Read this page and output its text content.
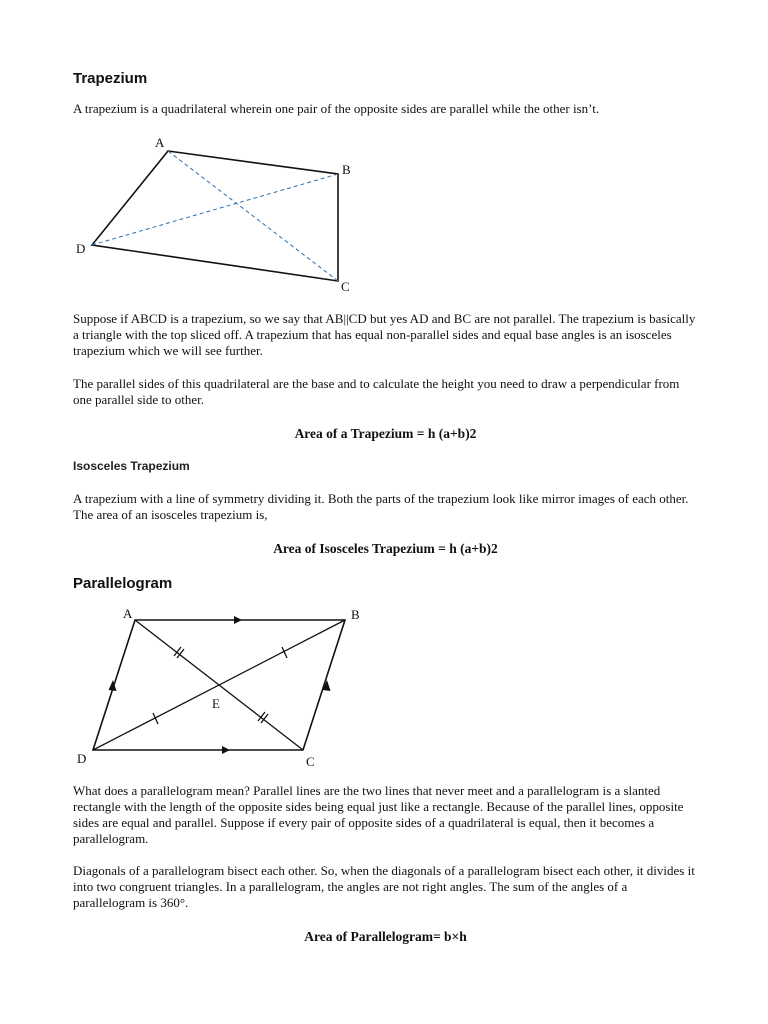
Trapezium

A trapezium is a quadrilateral wherein one pair of the opposite sides are parallel while the other isn’t.

A
B
C
D

Suppose if ABCD is a trapezium, so we say that AB||CD but yes AD and BC are not parallel. The trapezium is basically a triangle with the top sliced off. A trapezium that has equal non-parallel sides and equal base angles is an isosceles trapezium which we will see further.

The parallel sides of this quadrilateral are the base and to calculate the height you need to draw a perpendicular from one parallel side to other.

Area of a Trapezium = h (a+b)2

Isosceles Trapezium

A trapezium with a line of symmetry dividing it. Both the parts of the trapezium look like mirror images of each other. The area of an isosceles trapezium is,

Area of Isosceles Trapezium = h (a+b)2

Parallelogram
A	B
C
D
E

What does a parallelogram mean? Parallel lines are the two lines that never meet and a parallelogram is a slanted rectangle with the length of the opposite sides being equal just like a rectangle. Because of the parallel lines, opposite sides are equal and parallel. Suppose if every pair of opposite sides of a quadrilateral is equal, then it becomes a parallelogram.

Diagonals of a parallelogram bisect each other. So, when the diagonals of a parallelogram bisect each other, it divides it into two congruent triangles. In a parallelogram, the angles are not right angles. The sum of the angles of a parallelogram is 360°.

Area of Parallelogram= b×h
